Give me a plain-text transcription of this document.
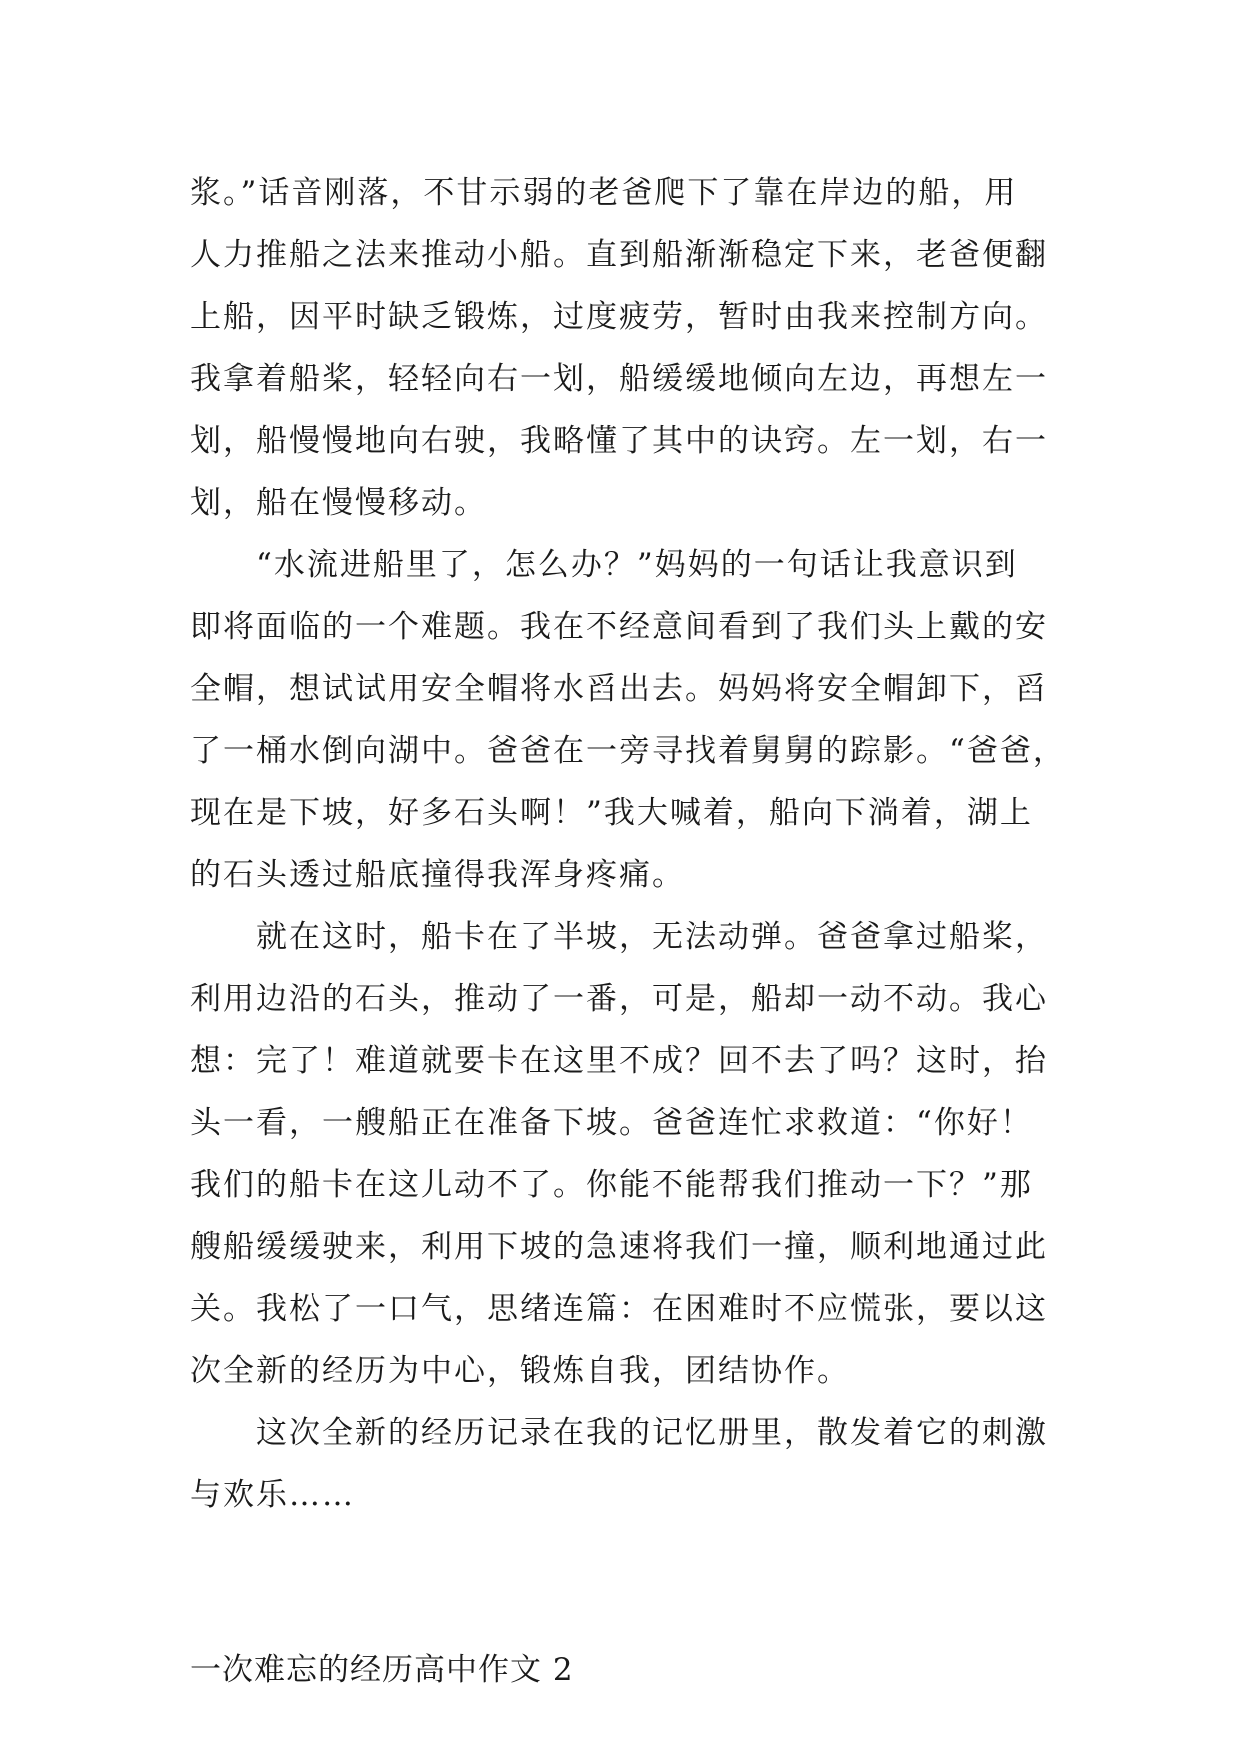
浆。”话音刚落，不甘示弱的老爸爬下了靠在岸边的船，用
人力推船之法来推动小船。直到船渐渐稳定下来，老爸便翻
上船，因平时缺乏锻炼，过度疲劳，暂时由我来控制方向。
我拿着船桨，轻轻向右一划，船缓缓地倾向左边，再想左一
划，船慢慢地向右驶，我略懂了其中的诀窍。左一划，右一
划，船在慢慢移动。
　　“水流进船里了，怎么办？”妈妈的一句话让我意识到
即将面临的一个难题。我在不经意间看到了我们头上戴的安
全帽，想试试用安全帽将水舀出去。妈妈将安全帽卸下，舀
了一桶水倒向湖中。爸爸在一旁寻找着舅舅的踪影。“爸爸，
现在是下坡，好多石头啊！”我大喊着，船向下淌着，湖上
的石头透过船底撞得我浑身疼痛。
　　就在这时，船卡在了半坡，无法动弹。爸爸拿过船桨，
利用边沿的石头，推动了一番，可是，船却一动不动。我心
想：完了！难道就要卡在这里不成？回不去了吗？这时，抬
头一看，一艘船正在准备下坡。爸爸连忙求救道：“你好！
我们的船卡在这儿动不了。你能不能帮我们推动一下？”那
艘船缓缓驶来，利用下坡的急速将我们一撞，顺利地通过此
关。我松了一口气，思绪连篇：在困难时不应慌张，要以这
次全新的经历为中心，锻炼自我，团结协作。
　　这次全新的经历记录在我的记忆册里，散发着它的刺激
与欢乐……
一次难忘的经历高中作文 2
